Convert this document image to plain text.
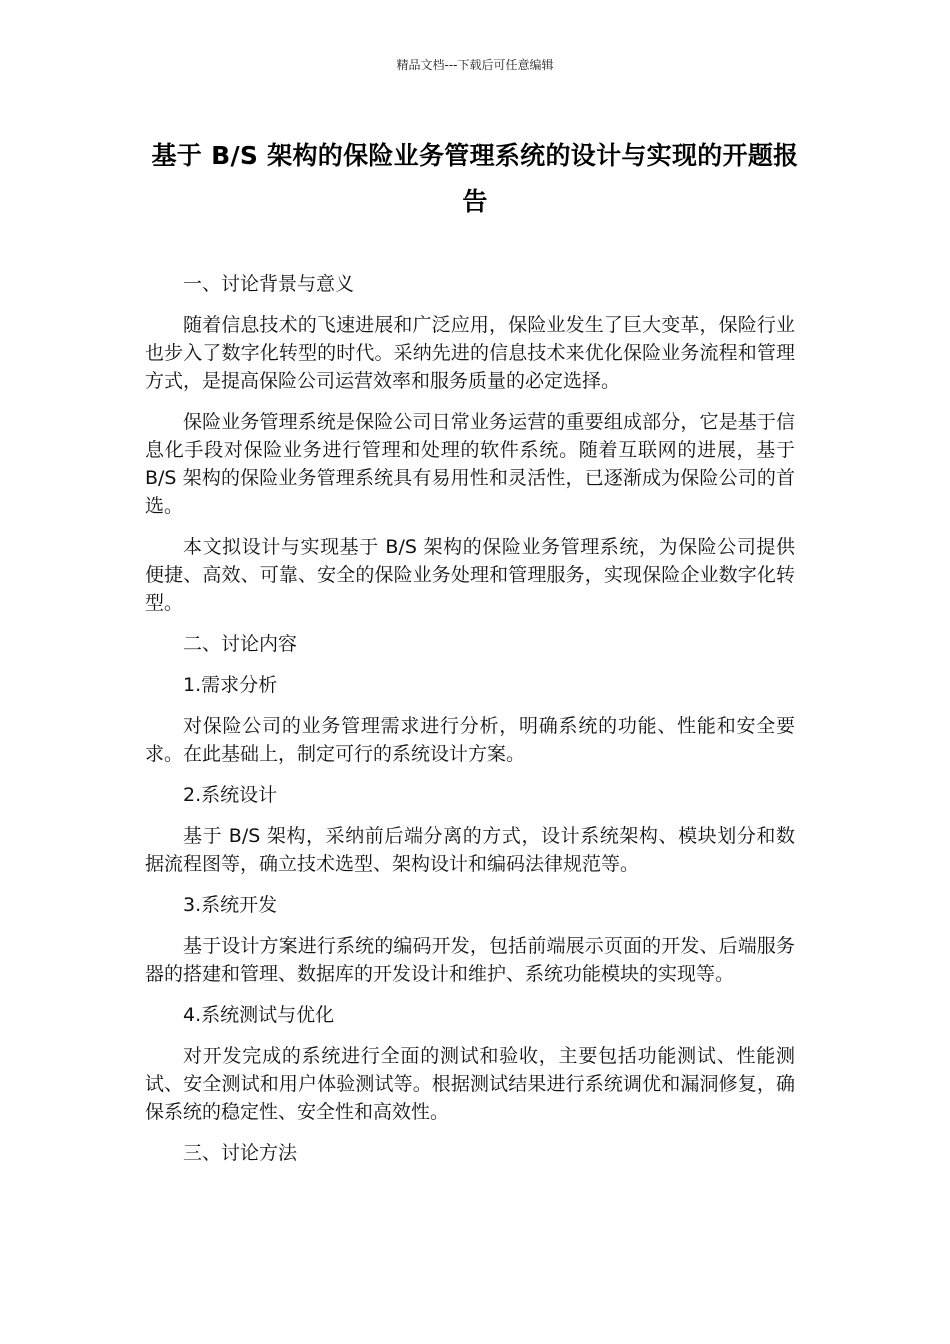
精品文档---下载后可任意编辑
基于 B/S 架构的保险业务管理系统的设计与实现的开题报告

一、讨论背景与意义

随着信息技术的飞速进展和广泛应用，保险业发生了巨大变革，保险行业也步入了数字化转型的时代。采纳先进的信息技术来优化保险业务流程和管理方式，是提高保险公司运营效率和服务质量的必定选择。

保险业务管理系统是保险公司日常业务运营的重要组成部分，它是基于信息化手段对保险业务进行管理和处理的软件系统。随着互联网的进展，基于 B/S 架构的保险业务管理系统具有易用性和灵活性，已逐渐成为保险公司的首选。

本文拟设计与实现基于 B/S 架构的保险业务管理系统，为保险公司提供便捷、高效、可靠、安全的保险业务处理和管理服务，实现保险企业数字化转型。

二、讨论内容

1.需求分析

对保险公司的业务管理需求进行分析，明确系统的功能、性能和安全要求。在此基础上，制定可行的系统设计方案。

2.系统设计

基于 B/S 架构，采纳前后端分离的方式，设计系统架构、模块划分和数据流程图等，确立技术选型、架构设计和编码法律规范等。

3.系统开发

基于设计方案进行系统的编码开发，包括前端展示页面的开发、后端服务器的搭建和管理、数据库的开发设计和维护、系统功能模块的实现等。

4.系统测试与优化

对开发完成的系统进行全面的测试和验收，主要包括功能测试、性能测试、安全测试和用户体验测试等。根据测试结果进行系统调优和漏洞修复，确保系统的稳定性、安全性和高效性。

三、讨论方法
